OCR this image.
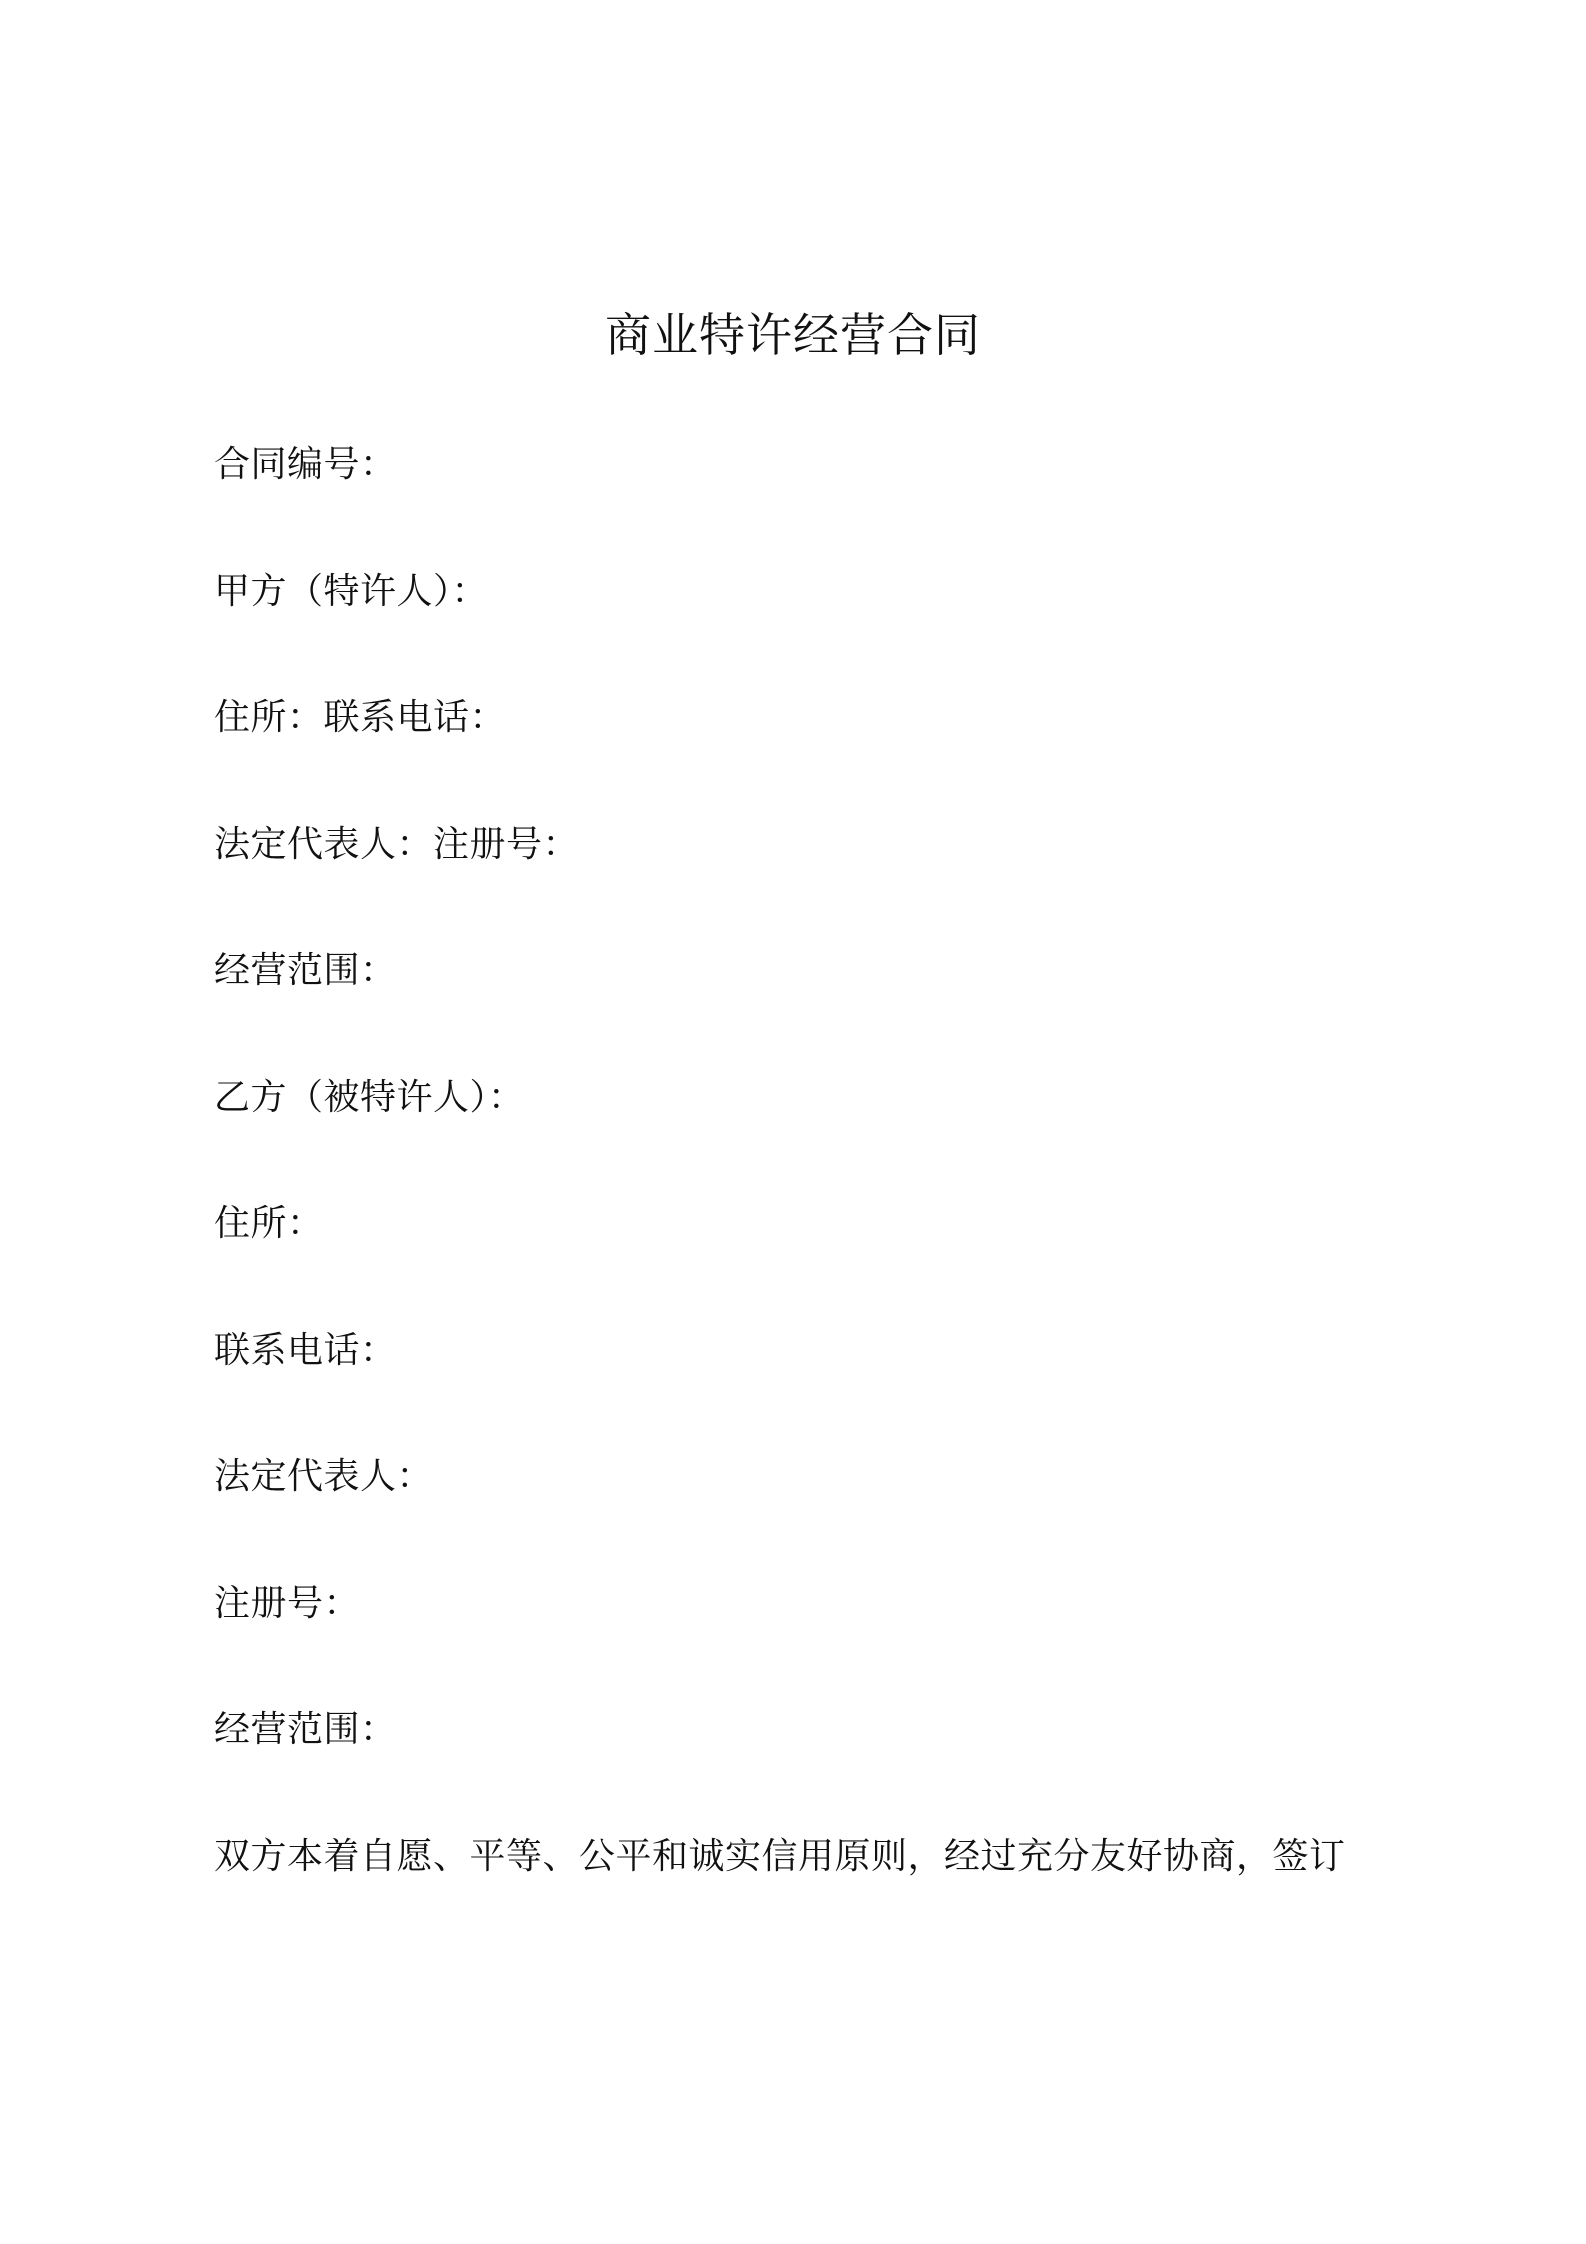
商业特许经营合同
合同编号：
甲方（特许人）：
住所：联系电话：
法定代表人：注册号：
经营范围：
乙方（被特许人）：
住所：
联系电话：
法定代表人：
注册号：
经营范围：

双方本着自愿、平等、公平和诚实信用原则，经过充分友好协商，签订
